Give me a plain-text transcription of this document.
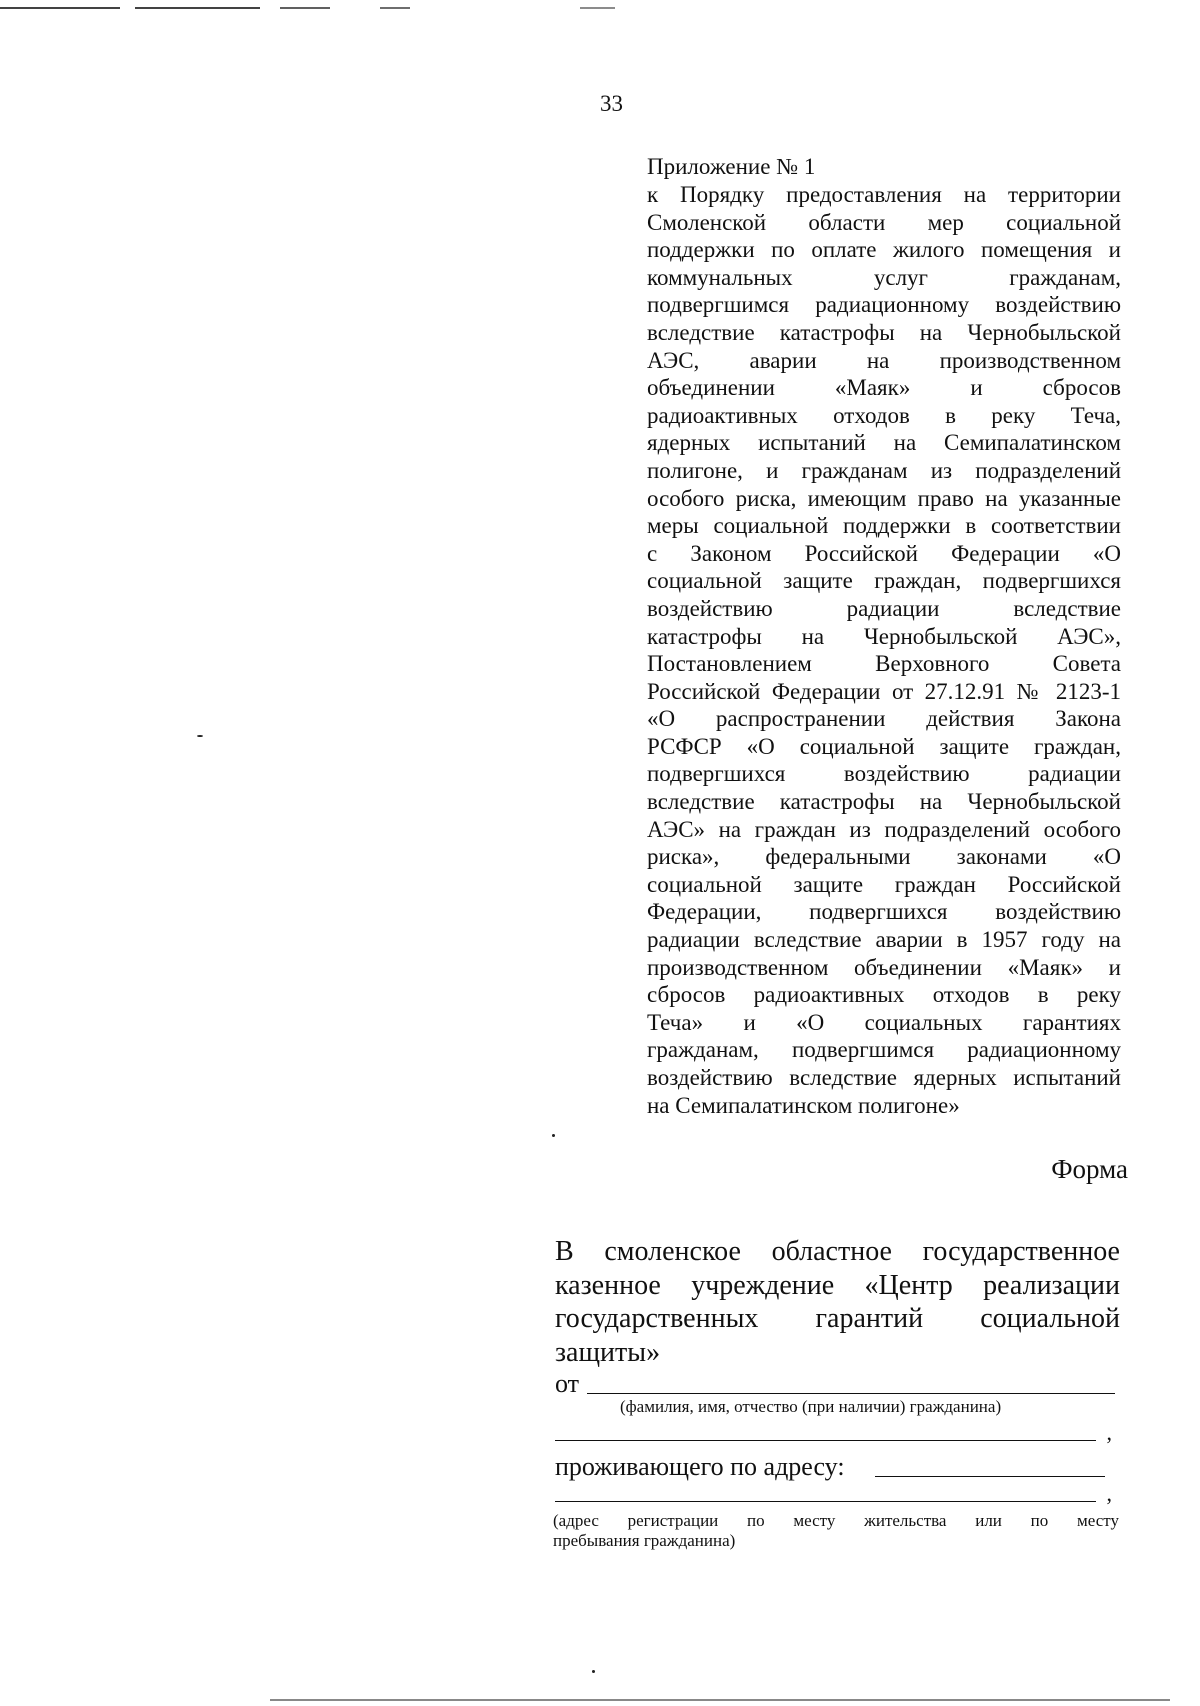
33
Приложение № 1
к Порядку предоставления на территории
Смоленской области мер социальной
поддержки по оплате жилого помещения и
коммунальных услуг гражданам,
подвергшимся радиационному воздействию
вследствие катастрофы на Чернобыльской
АЭС, аварии на производственном
объединении «Маяк» и сбросов
радиоактивных отходов в реку Теча,
ядерных испытаний на Семипалатинском
полигоне, и гражданам из подразделений
особого риска, имеющим право на указанные
меры социальной поддержки в соответствии
с Законом Российской Федерации «О
социальной защите граждан, подвергшихся
воздействию радиации вследствие
катастрофы на Чернобыльской АЭС»,
Постановлением Верховного Совета
Российской Федерации от 27.12.91 № 2123-1
«О распространении действия Закона
РСФСР «О социальной защите граждан,
подвергшихся воздействию радиации
вследствие катастрофы на Чернобыльской
АЭС» на граждан из подразделений особого
риска», федеральными законами «О
социальной защите граждан Российской
Федерации, подвергшихся воздействию
радиации вследствие аварии в 1957 году на
производственном объединении «Маяк» и
сбросов радиоактивных отходов в реку
Теча» и «О социальных гарантиях
гражданам, подвергшимся радиационному
воздействию вследствие ядерных испытаний
на Семипалатинском полигоне»
Форма
В смоленское областное государственное
казенное учреждение «Центр реализации
государственных гарантий социальной
защиты»
от
(фамилия, имя, отчество (при наличии) гражданина)
,
проживающего по адресу:
,
(адрес регистрации по месту жительства или по месту
пребывания гражданина)
